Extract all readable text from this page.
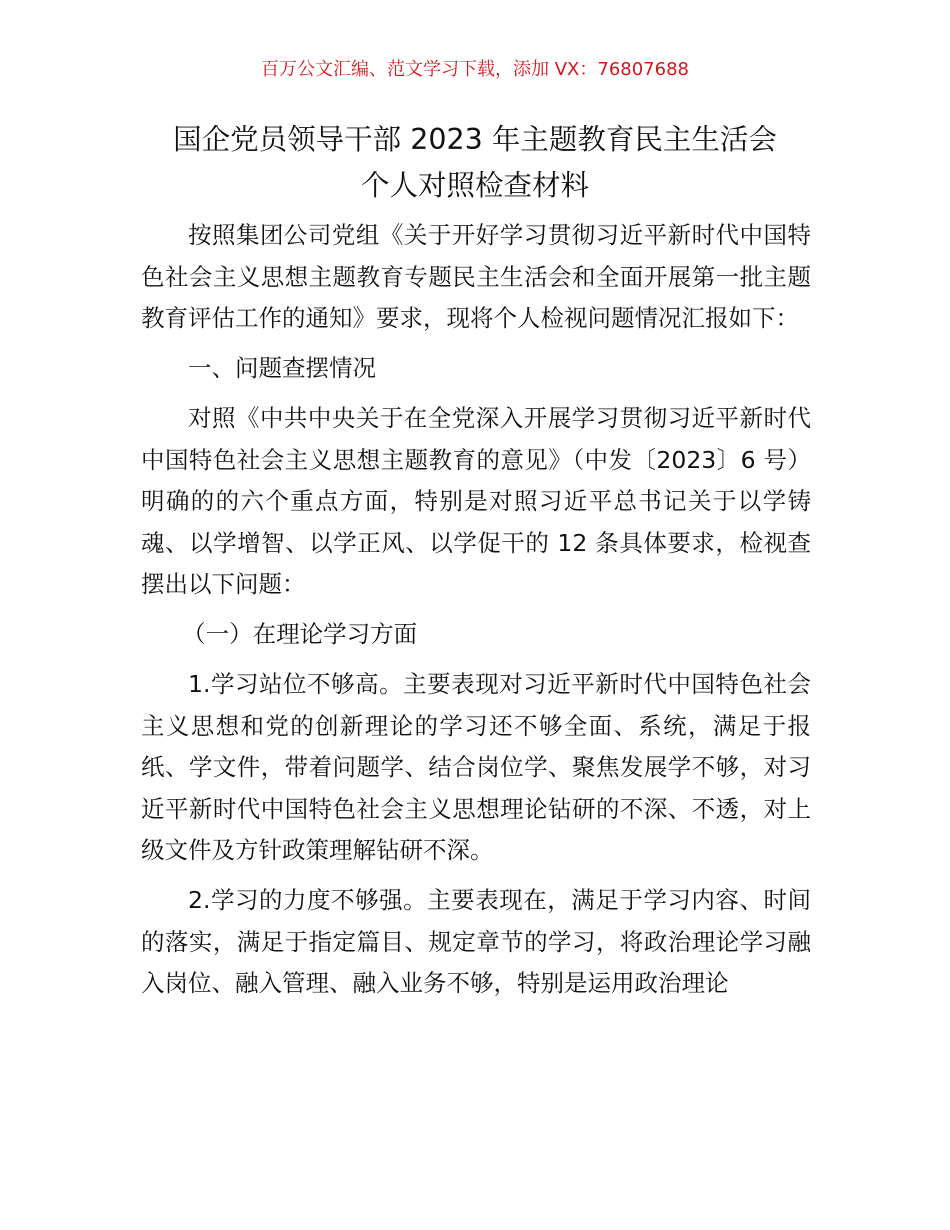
百万公文汇编、范文学习下载，添加 VX：76807688
国企党员领导干部 2023 年主题教育民主生活会
个人对照检查材料

按照集团公司党组《关于开好学习贯彻习近平新时代中国特色社会主义思想主题教育专题民主生活会和全面开展第一批主题教育评估工作的通知》要求，现将个人检视问题情况汇报如下：

一、问题查摆情况

对照《中共中央关于在全党深入开展学习贯彻习近平新时代中国特色社会主义思想主题教育的意见》（中发〔2023〕6 号）明确的的六个重点方面，特别是对照习近平总书记关于以学铸魂、以学增智、以学正风、以学促干的 12 条具体要求，检视查摆出以下问题：

（一）在理论学习方面

1.学习站位不够高。主要表现对习近平新时代中国特色社会主义思想和党的创新理论的学习还不够全面、系统，满足于报纸、学文件，带着问题学、结合岗位学、聚焦发展学不够，对习近平新时代中国特色社会主义思想理论钻研的不深、不透，对上级文件及方针政策理解钻研不深。

2.学习的力度不够强。主要表现在，满足于学习内容、时间的落实，满足于指定篇目、规定章节的学习，将政治理论学习融入岗位、融入管理、融入业务不够，特别是运用政治理论
